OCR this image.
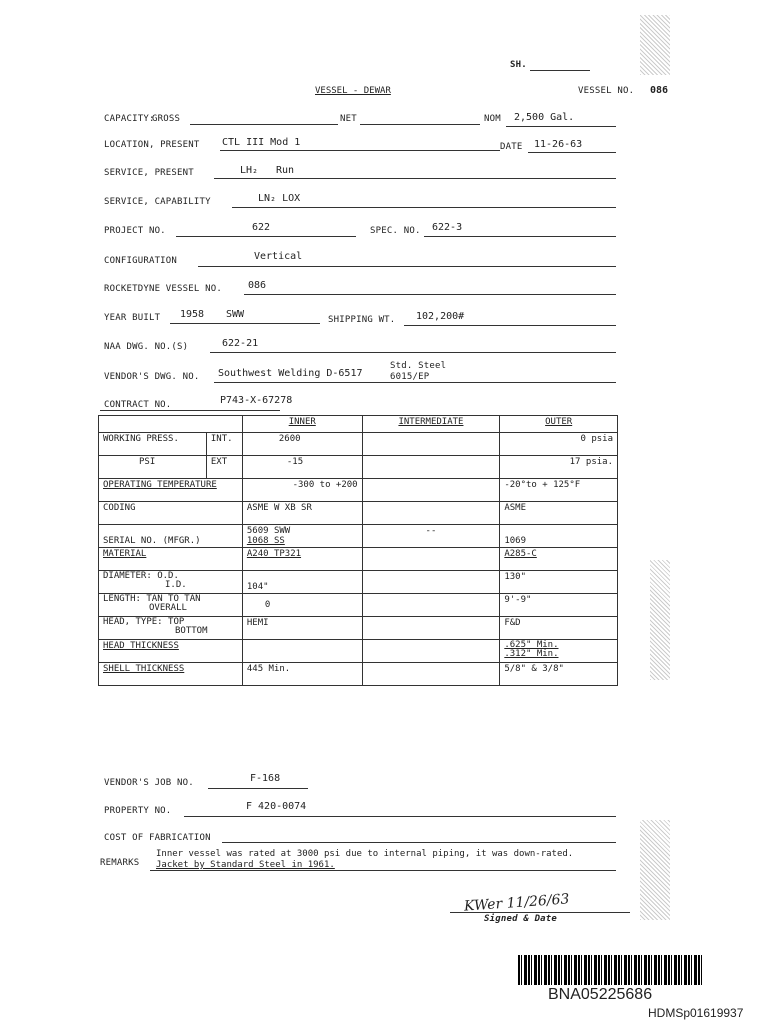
SH.
VESSEL - DEWAR	VESSEL NO. 086
CAPACITY:
GROSS	NET	NOM 2,500 Gal.
LOCATION, PRESENT CTL III Mod 1	DATE 11-26-63
SERVICE, PRESENT	LH₂ Run
SERVICE, CAPABILITY	LN₂ LOX
PROJECT NO.	622	SPEC. NO. 622-3
CONFIGURATION	Vertical
ROCKETDYNE VESSEL NO.	086
YEAR BUILT 1958 SWW	SHIPPING WT. 102,200#
NAA DWG. NO.(S)	622-21
VENDOR'S DWG. NO. Southwest Welding D-6517
Std. Steel
6015/EP
CONTRACT NO.	P743-X-67278
		INNER	INTERMEDIATE	OUTER
WORKING PRESS.	INT.	2600		0 psia
PSI	EXT	-15		17 psia.
OPERATING TEMPERATURE		-300 to +200		-20°to + 125°F
CODING		ASME W XB SR		ASME
SERIAL NO. (MFGR.)		5609 SWW
1068 SS	--	1069
MATERIAL		A240 TP321		A285-C
DIAMETER: O.D.
I.D.		104"		130"
LENGTH: TAN TO TAN
OVERALL		0		9'-9"
HEAD, TYPE: TOP
BOTTOM		HEMI		F&D
HEAD THICKNESS				.625" Min.
.312" Min.

SHELL THICKNESS		445 Min.		5/8" & 3/8"
VENDOR'S JOB NO.	F-168
PROPERTY NO.	F 420-0074
COST OF FABRICATION
REMARKS
Inner vessel was rated at 3000 psi due to internal piping, it was down-rated.
Jacket by Standard Steel in 1961.
KWer 11/26/63
Signed & Date
BNA05225686
HDMSp01619937
